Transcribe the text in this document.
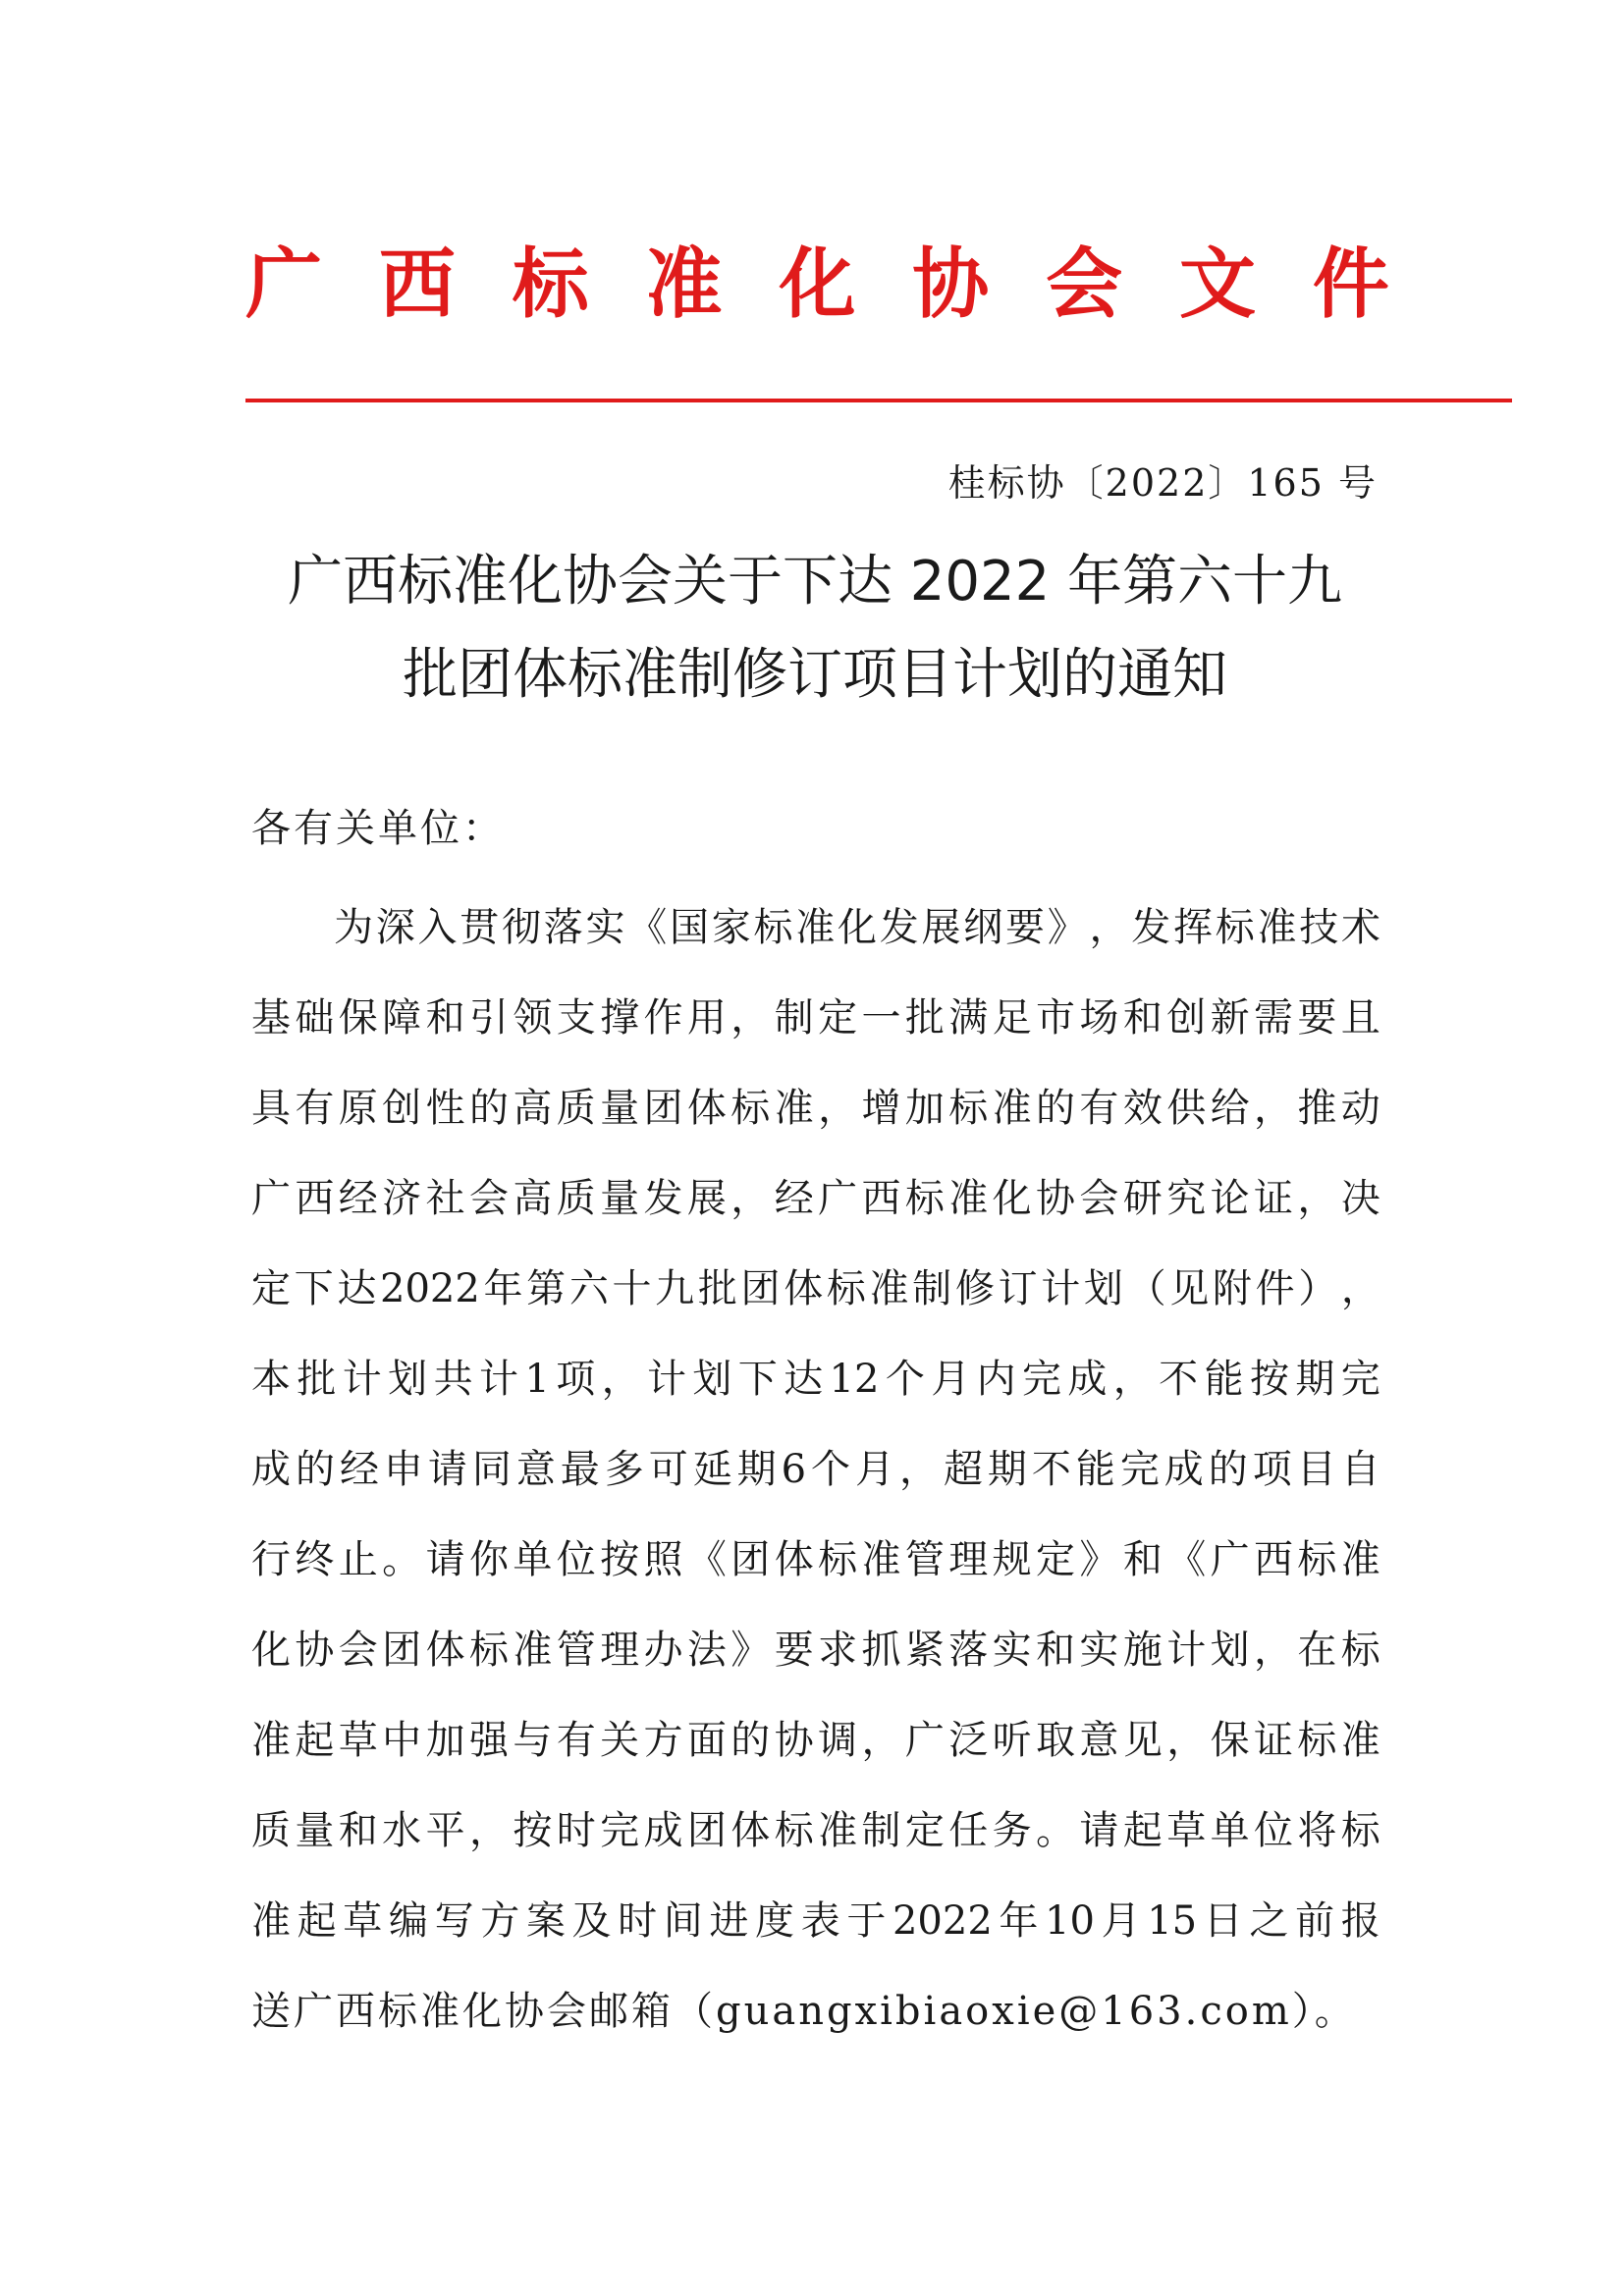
广 西 标 准 化 协 会 文 件
桂标协〔2022〕165 号
广西标准化协会关于下达 2022 年第六十九
批团体标准制修订项目计划的通知
各有关单位：
为 深 入 贯 彻 落 实 《 国 家 标 准 化 发 展 纲 要 》 ， 发 挥 标 准 技 术
基 础 保 障 和 引 领 支 撑 作 用 ， 制 定 一 批 满 足 市 场 和 创 新 需 要 且
具 有 原 创 性 的 高 质 量 团 体 标 准 ， 增 加 标 准 的 有 效 供 给 ， 推 动
广 西 经 济 社 会 高 质 量 发 展 ， 经 广 西 标 准 化 协 会 研 究 论 证 ， 决
定 下 达 2022 年 第 六 十 九 批 团 体 标 准 制 修 订 计 划 （ 见 附 件 ） ，
本 批 计 划 共 计 1 项 ， 计 划 下 达 12 个 月 内 完 成 ， 不 能 按 期 完
成 的 经 申 请 同 意 最 多 可 延 期 6 个 月 ， 超 期 不 能 完 成 的 项 目 自
行 终 止 。 请 你 单 位 按 照 《 团 体 标 准 管 理 规 定 》 和 《 广 西 标 准
化 协 会 团 体 标 准 管 理 办 法 》 要 求 抓 紧 落 实 和 实 施 计 划 ， 在 标
准 起 草 中 加 强 与 有 关 方 面 的 协 调 ， 广 泛 听 取 意 见 ， 保 证 标 准
质 量 和 水 平 ， 按 时 完 成 团 体 标 准 制 定 任 务 。 请 起 草 单 位 将 标
准 起 草 编 写 方 案 及 时 间 进 度 表 于 2022 年 10 月 15 日 之 前 报
送广西标准化协会邮箱（guangxibiaoxie@163.com）。
